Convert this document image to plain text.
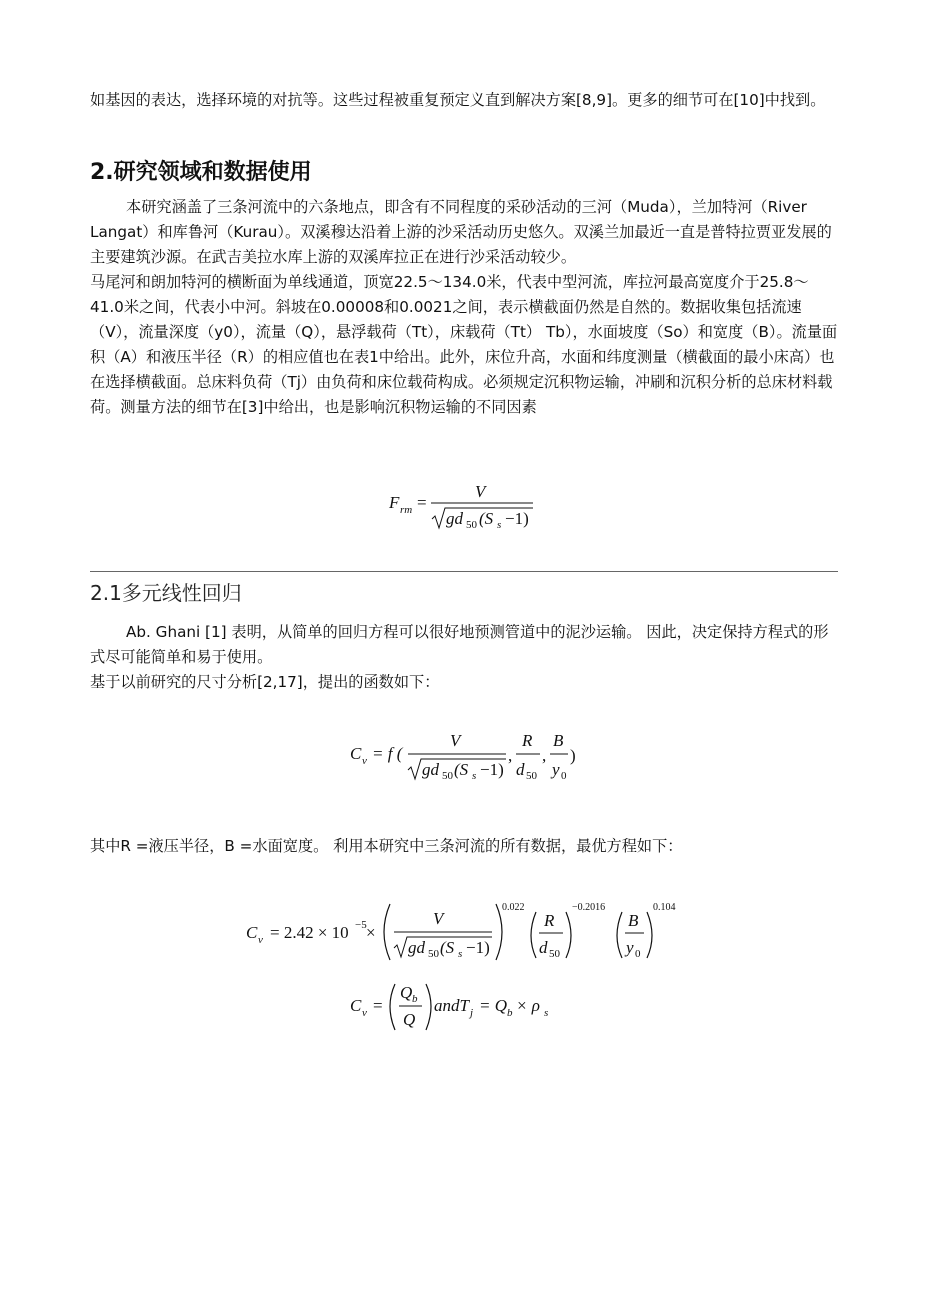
如基因的表达，选择环境的对抗等。这些过程被重复预定义直到解决方案[8,9]。更多的细节可在[10]中找到。

2.研究领域和数据使用

本研究涵盖了三条河流中的六条地点，即含有不同程度的采砂活动的三河（Muda），兰加特河（River Langat）和库鲁河（Kurau）。双溪穆达沿着上游的沙采活动历史悠久。双溪兰加最近一直是普特拉贾亚发展的主要建筑沙源。在武吉美拉水库上游的双溪库拉正在进行沙采活动较少。

马尾河和朗加特河的横断面为单线通道，顶宽22.5～134.0米，代表中型河流，库拉河最高宽度介于25.8～41.0米之间，代表小中河。斜坡在0.00008和0.0021之间，表示横截面仍然是自然的。数据收集包括流速（V），流量深度（y0），流量（Q），悬浮载荷（Tt），床载荷（Tt） Tb），水面坡度（So）和宽度（B）。流量面积（A）和液压半径（R）的相应值也在表1中给出。此外，床位升高，水面和纬度测量（横截面的最小床高）也在选择横截面。总床料负荷（Tj）由负荷和床位载荷构成。必须规定沉积物运输，冲刷和沉积分析的总床材料载荷。测量方法的细节在[3]中给出，也是影响沉积物运输的不同因素

F rm =
V
gd 50 (S s −1)
2.1多元线性回归

Ab. Ghani [1] 表明，从简单的回归方程可以很好地预测管道中的泥沙运输。 因此，决定保持方程式的形式尽可能简单和易于使用。

基于以前研究的尺寸分析[2,17]，提出的函数如下：

C v = f (
V
gd 50 (S s −1)
,
R
d 50
,
B
y 0
)

其中R =液压半径，B =水面宽度。 利用本研究中三条河流的所有数据，最优方程如下：

C v = 2.42 × 10 −5 ×
V
gd 50 (S s −1)
0.022
R
d 50
−0.2016
B
y 0
0.104
C v =
Q b
Q
andT j = Q b × ρ s
